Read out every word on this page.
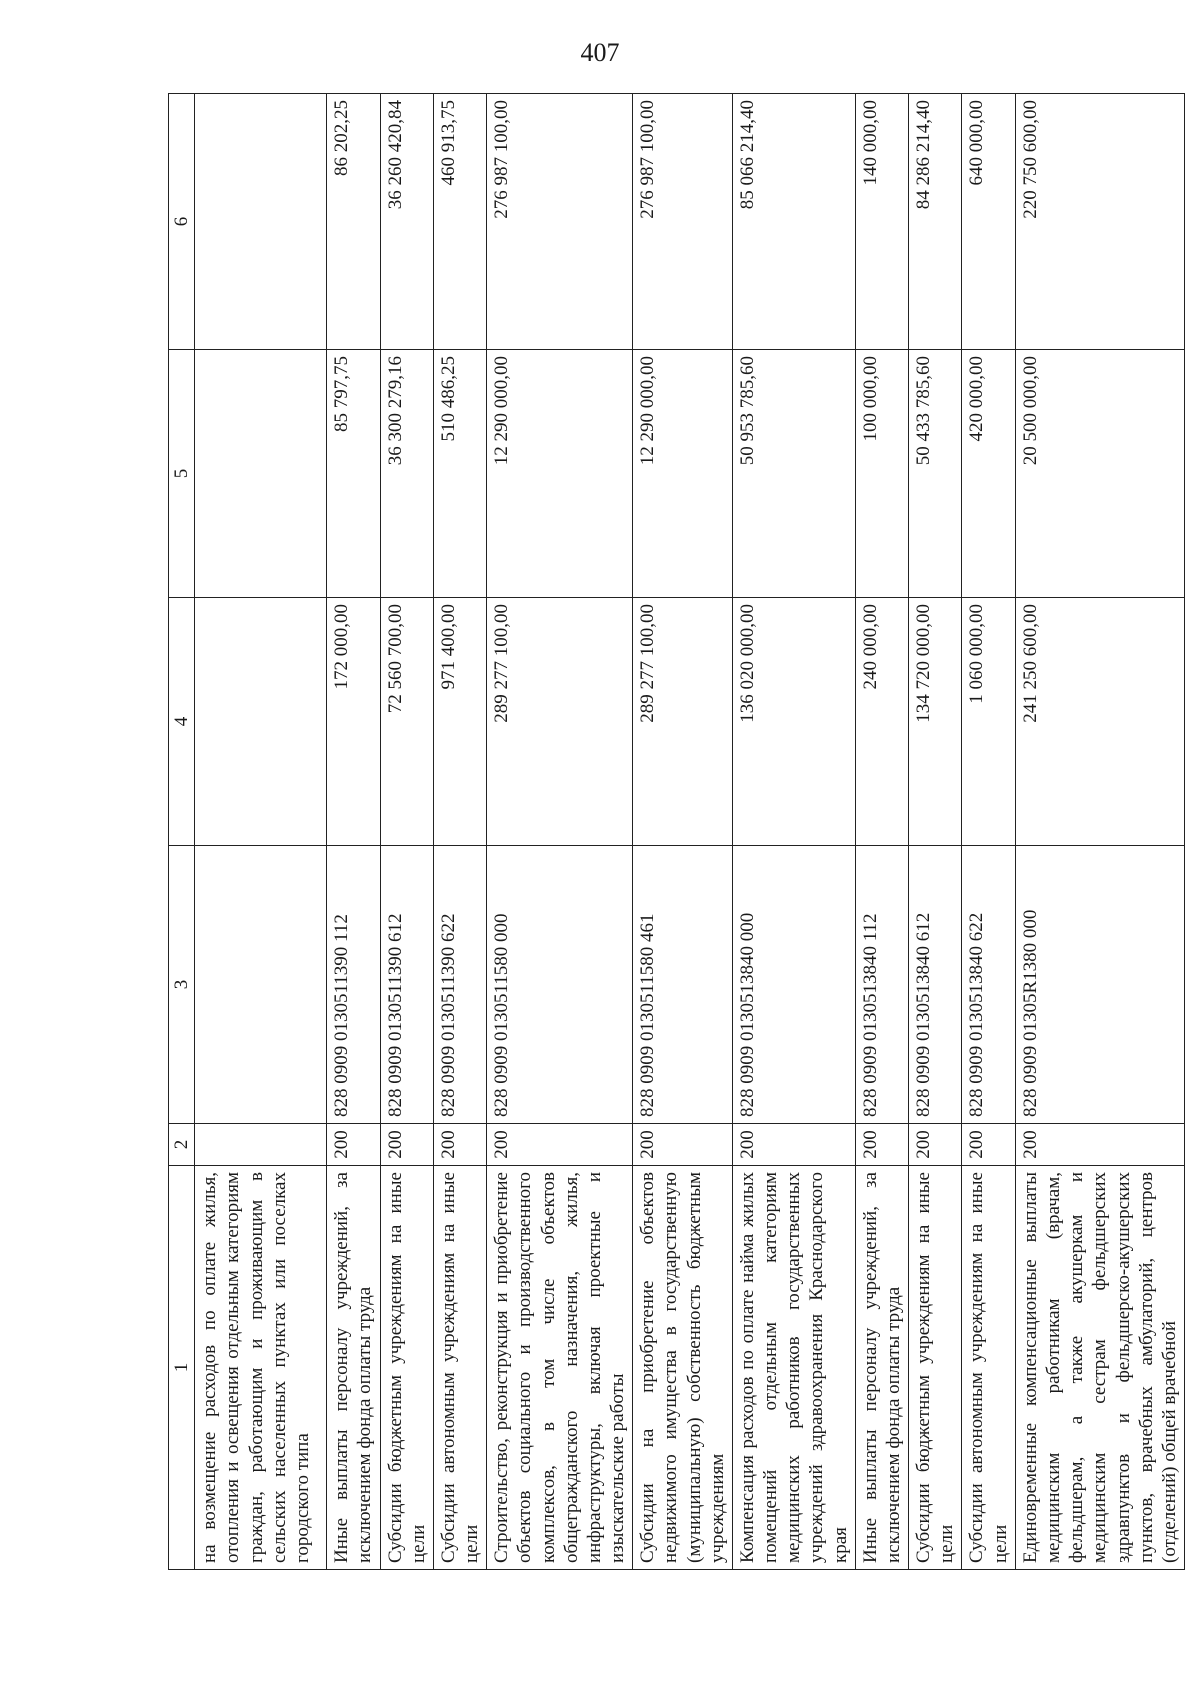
407
1	2	3	4	5	6
на возмещение расходов по оплате жилья, отопления и освещения отдельным категориям граждан, работающим и проживающим в сельских населенных пунктах или поселках городского типа					
Иные выплаты персоналу учреждений, за исключением фонда оплаты труда	200	828 0909 0130511390 112	172 000,00	85 797,75	86 202,25
Субсидии бюджетным учреждениям на иные цели	200	828 0909 0130511390 612	72 560 700,00	36 300 279,16	36 260 420,84
Субсидии автономным учреждениям на иные цели	200	828 0909 0130511390 622	971 400,00	510 486,25	460 913,75
Строительство, реконструкция и приобретение объектов социального и производственного комплексов, в том числе объектов общегражданского назначения, жилья, инфраструктуры, включая проектные и изыскательские работы	200	828 0909 0130511580 000	289 277 100,00	12 290 000,00	276 987 100,00
Субсидии на приобретение объектов недвижимого имущества в государственную (муниципальную) собственность бюджетным учреждениям	200	828 0909 0130511580 461	289 277 100,00	12 290 000,00	276 987 100,00
Компенсация расходов по оплате найма жилых помещений отдельным категориям медицинских работников государственных учреждений здравоохранения Краснодарского края	200	828 0909 0130513840 000	136 020 000,00	50 953 785,60	85 066 214,40
Иные выплаты персоналу учреждений, за исключением фонда оплаты труда	200	828 0909 0130513840 112	240 000,00	100 000,00	140 000,00
Субсидии бюджетным учреждениям на иные цели	200	828 0909 0130513840 612	134 720 000,00	50 433 785,60	84 286 214,40
Субсидии автономным учреждениям на иные цели	200	828 0909 0130513840 622	1 060 000,00	420 000,00	640 000,00
Единовременные компенсационные выплаты медицинским работникам (врачам, фельдшерам, а также акушеркам и медицинским сестрам фельдшерских здравпунктов и фельдшерско-акушерских пунктов, врачебных амбулаторий, центров (отделений) общей врачебной	200	828 0909 01305R1380 000	241 250 600,00	20 500 000,00	220 750 600,00
